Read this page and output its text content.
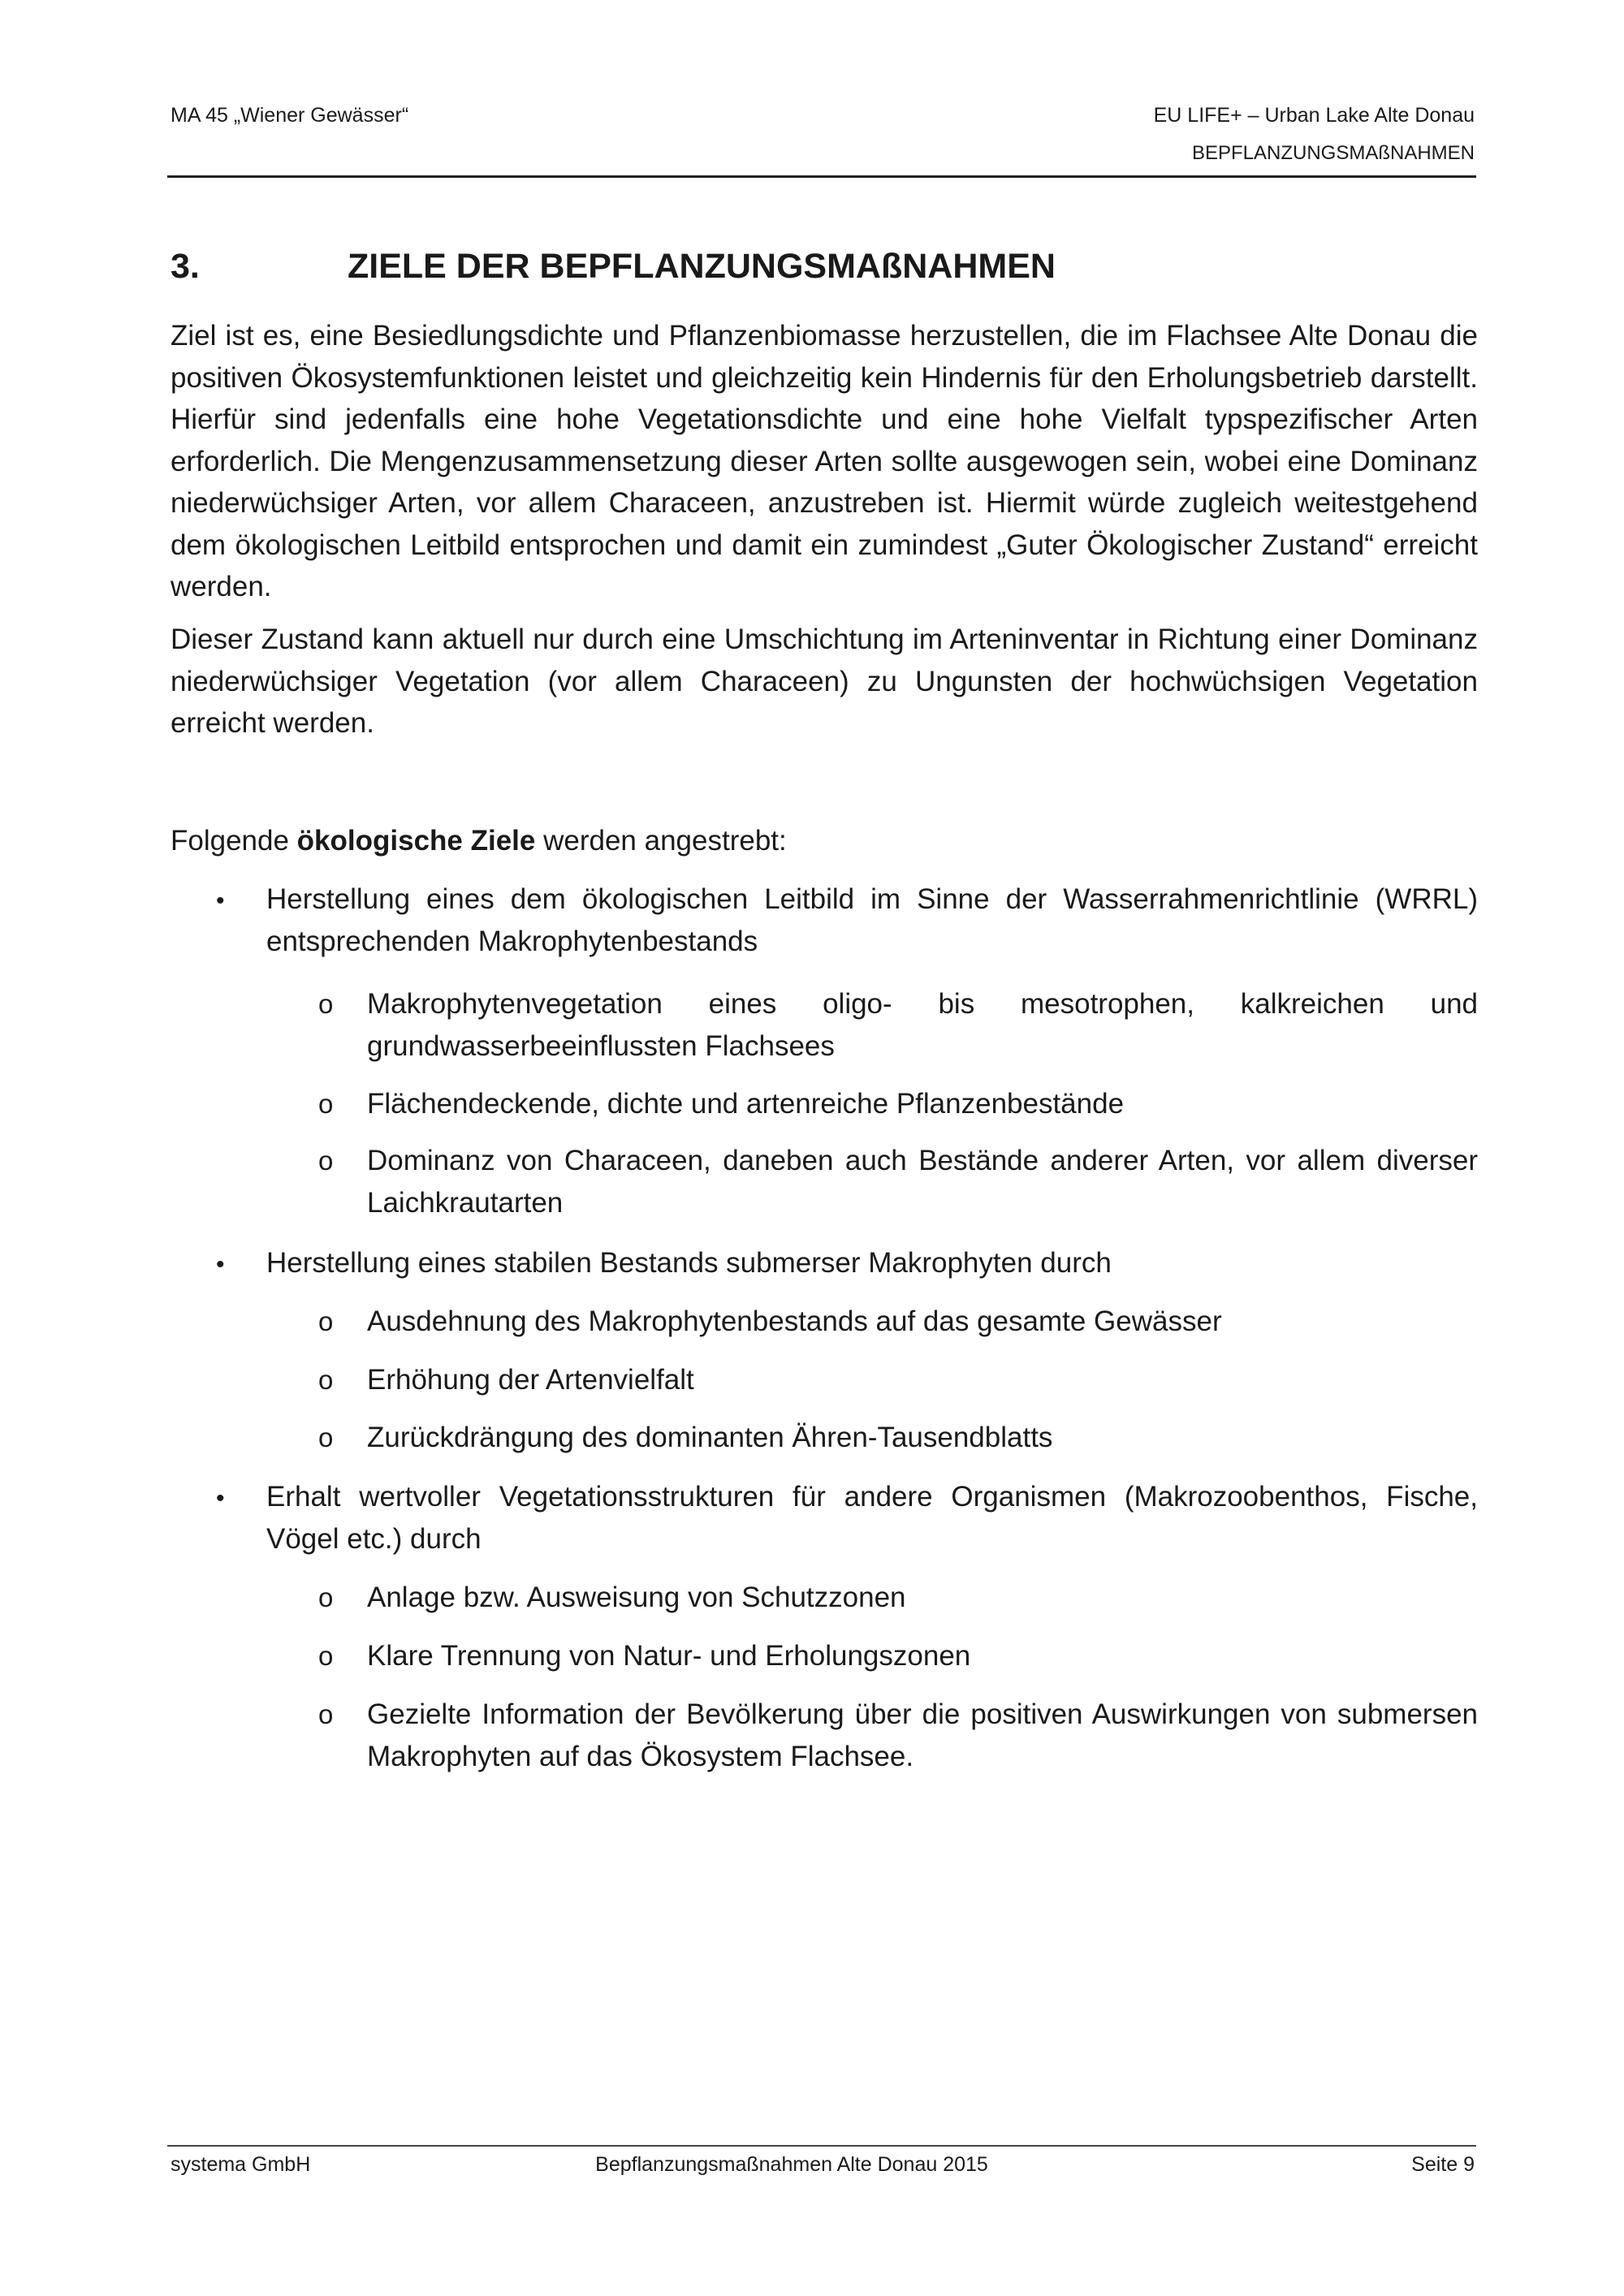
MA 45 „Wiener Gewässer“	EU LIFE+ – Urban Lake Alte Donau
BEPFLANZUNGSMAßNAHMEN
3.	ZIELE DER BEPFLANZUNGSMAßNAHMEN

Ziel ist es, eine Besiedlungsdichte und Pflanzenbiomasse herzustellen, die im Flachsee Alte Donau die positiven Ökosystemfunktionen leistet und gleichzeitig kein Hindernis für den Erholungsbetrieb darstellt. Hierfür sind jedenfalls eine hohe Vegetationsdichte und eine hohe Vielfalt typspezifischer Arten erforderlich. Die Mengenzusammensetzung dieser Arten sollte ausgewogen sein, wobei eine Dominanz niederwüchsiger Arten, vor allem Characeen, anzustreben ist. Hiermit würde zugleich weitestgehend dem ökologischen Leitbild entsprochen und damit ein zumindest „Guter Ökologischer Zustand“ erreicht werden.

Dieser Zustand kann aktuell nur durch eine Umschichtung im Arteninventar in Richtung einer Dominanz niederwüchsiger Vegetation (vor allem Characeen) zu Ungunsten der hochwüchsigen Vegetation erreicht werden.

Folgende ökologische Ziele werden angestrebt:

• Herstellung eines dem ökologischen Leitbild im Sinne der Wasserrahmenrichtlinie (WRRL) entsprechenden Makrophytenbestands
o Makrophytenvegetation eines oligo- bis mesotrophen, kalkreichen und grundwasserbeeinflussten Flachsees
o Flächendeckende, dichte und artenreiche Pflanzenbestände
o Dominanz von Characeen, daneben auch Bestände anderer Arten, vor allem diverser Laichkrautarten
• Herstellung eines stabilen Bestands submerser Makrophyten durch
o Ausdehnung des Makrophytenbestands auf das gesamte Gewässer
o Erhöhung der Artenvielfalt
o Zurückdrängung des dominanten Ähren-Tausendblatts
• Erhalt wertvoller Vegetationsstrukturen für andere Organismen (Makrozoobenthos, Fische, Vögel etc.) durch
o Anlage bzw. Ausweisung von Schutzzonen
o Klare Trennung von Natur- und Erholungszonen
o Gezielte Information der Bevölkerung über die positiven Auswirkungen von submersen Makrophyten auf das Ökosystem Flachsee.
systema GmbH	Bepflanzungsmaßnahmen Alte Donau 2015	Seite 9
